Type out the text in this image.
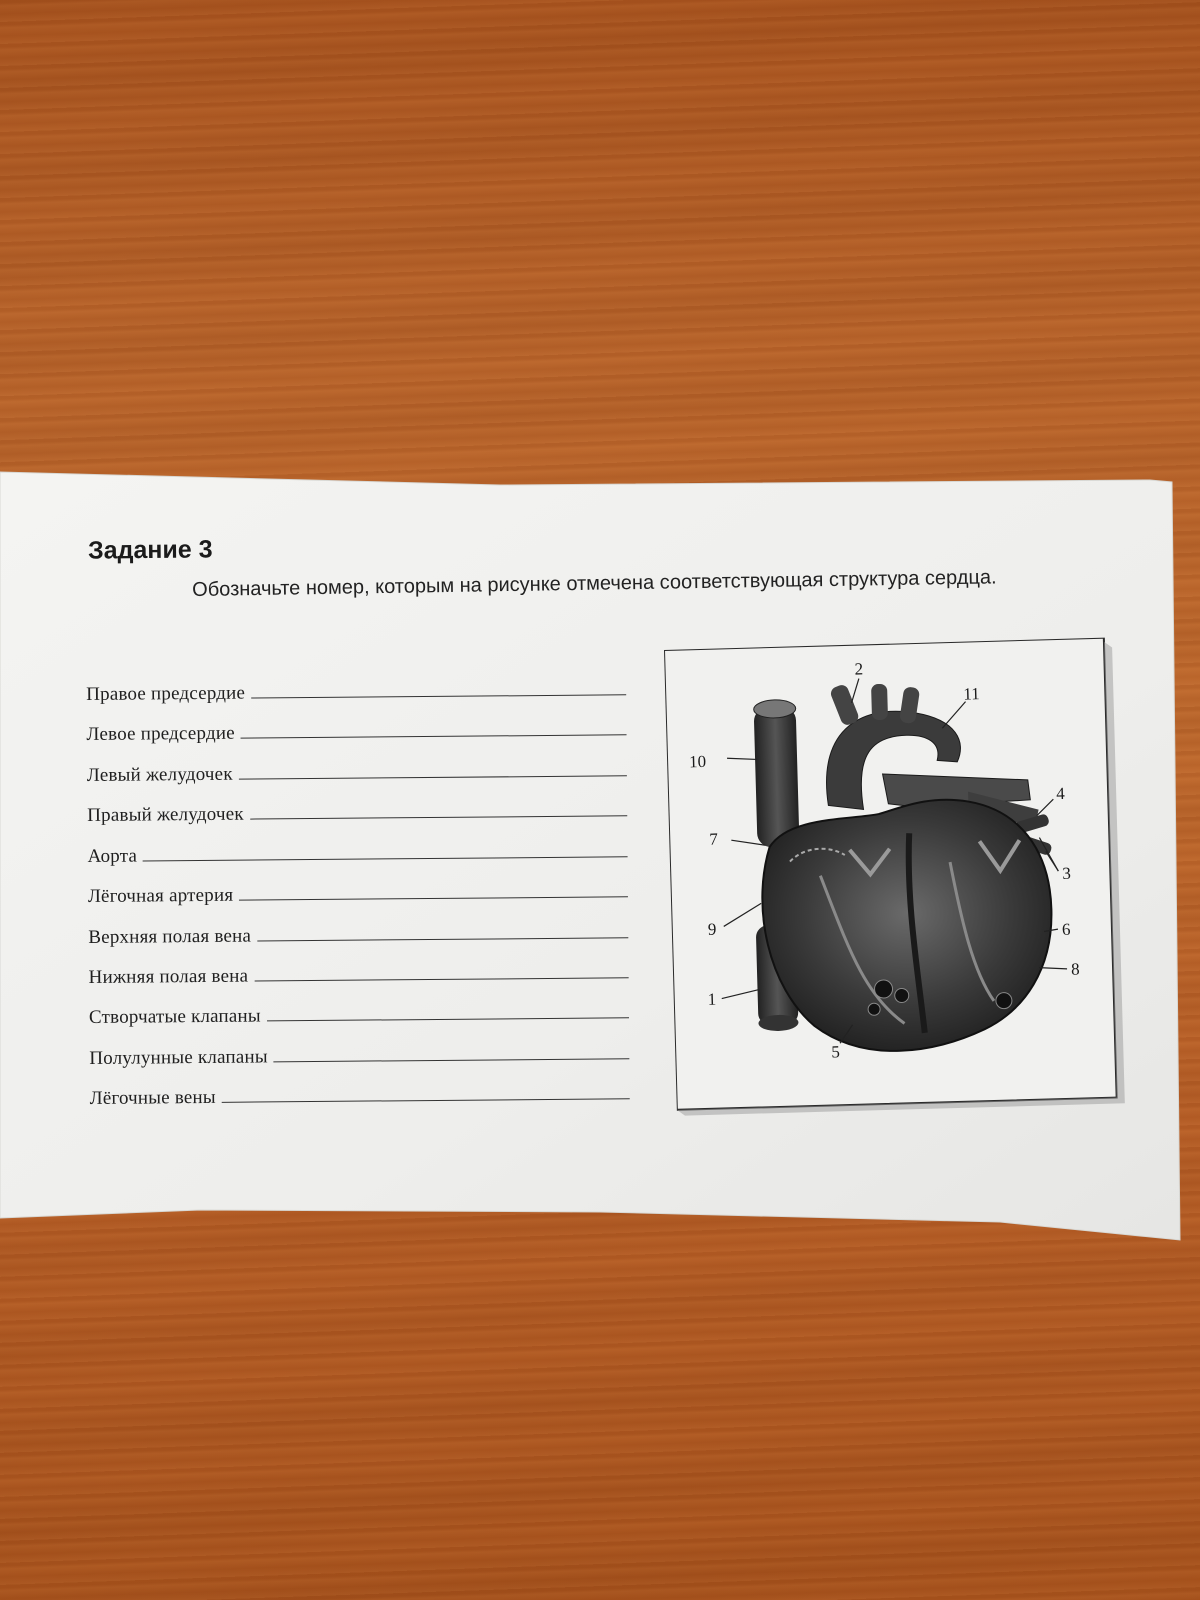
Задание 3
Обозначьте номер, которым на рисунке отмечена соответствующая структура сердца.
Правое предсердие
Левое предсердие
Левый желудочек
Правый желудочек
Аорта
Лёгочная артерия
Верхняя полая вена
Нижняя полая вена
Створчатые клапаны
Полулунные клапаны
Лёгочные вены
10
2
11
4
3
7
9
1
5
6
8
